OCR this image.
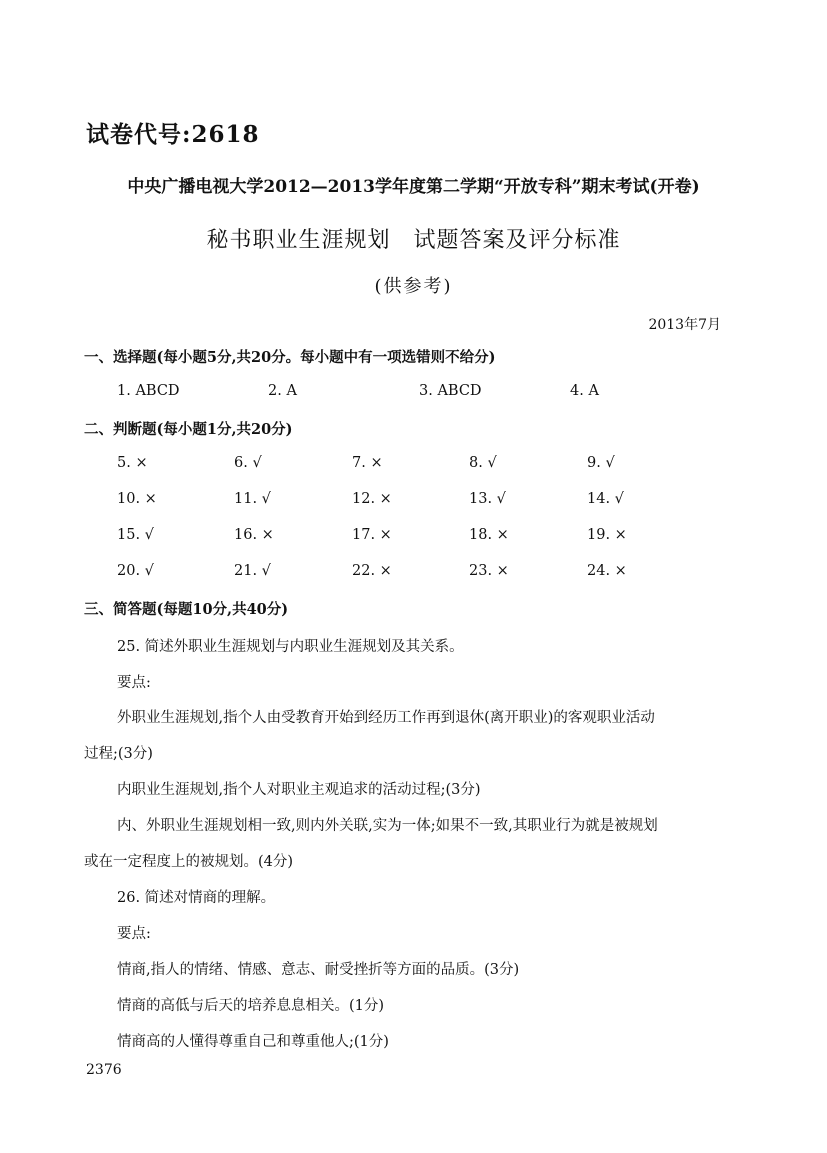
试卷代号:2618
中央广播电视大学2012—2013学年度第二学期“开放专科”期末考试(开卷)
秘书职业生涯规划　试题答案及评分标准
(供参考)
2013年7月
一、选择题(每小题5分,共20分。每小题中有一项选错则不给分)
1. ABCD	2. A	3. ABCD	4. A
二、判断题(每小题1分,共20分)
5. ×	6. √	7. ×	8. √	9. √
10. ×	11. √	12. ×	13. √	14. √
15. √	16. ×	17. ×	18. ×	19. ×
20. √	21. √	22. ×	23. ×	24. ×
三、简答题(每题10分,共40分)
25. 简述外职业生涯规划与内职业生涯规划及其关系。
要点:
外职业生涯规划,指个人由受教育开始到经历工作再到退休(离开职业)的客观职业活动
过程;(3分)
内职业生涯规划,指个人对职业主观追求的活动过程;(3分)
内、外职业生涯规划相一致,则内外关联,实为一体;如果不一致,其职业行为就是被规划
或在一定程度上的被规划。(4分)
26. 简述对情商的理解。
要点:
情商,指人的情绪、情感、意志、耐受挫折等方面的品质。(3分)
情商的高低与后天的培养息息相关。(1分)
情商高的人懂得尊重自己和尊重他人;(1分)
2376
